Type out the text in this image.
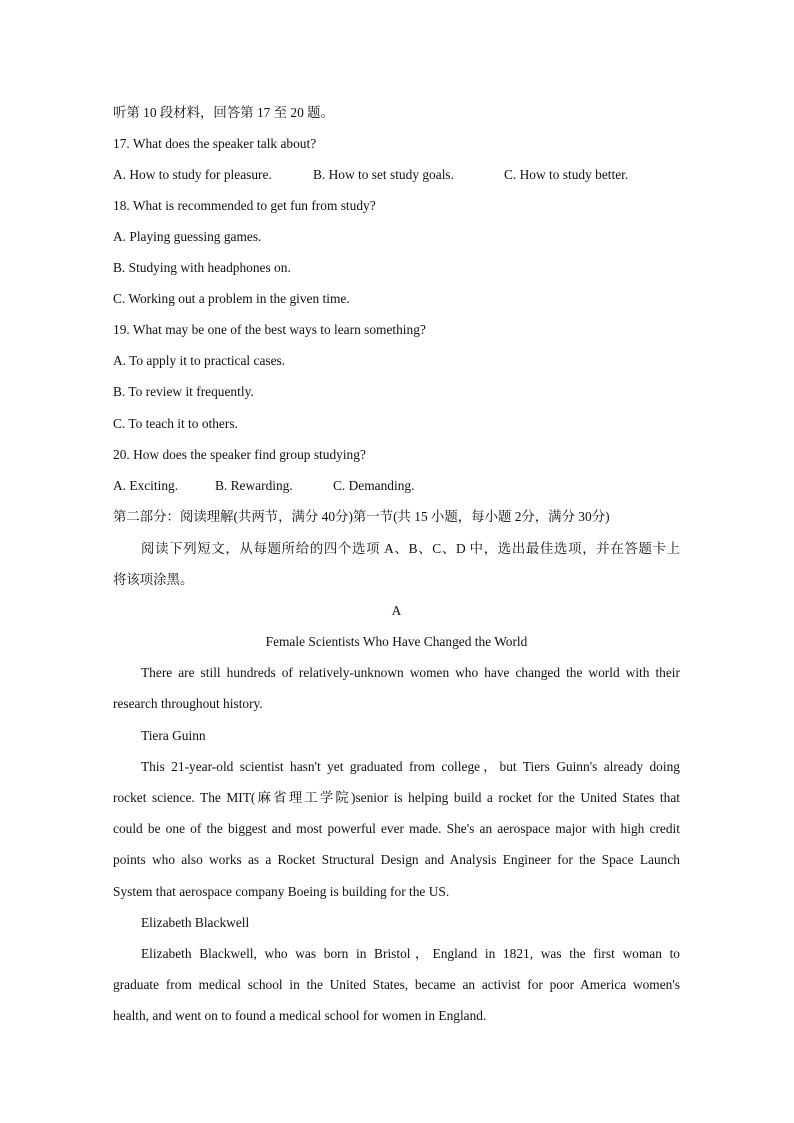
听第 10 段材料，回答第 17 至 20 题。
17. What does the speaker talk about?
A. How to study for pleasure.	B. How to set study goals.	C. How to study better.
18. What is recommended to get fun from study?
A. Playing guessing games.
B. Studying with headphones on.
C. Working out a problem in the given time.
19. What may be one of the best ways to learn something?
A. To apply it to practical cases.
B. To review it frequently.
C. To teach it to others.
20. How does the speaker find group studying?
A. Exciting.	B. Rewarding.	C. Demanding.
第二部分：阅读理解(共两节，满分 40分)第一节(共 15 小题，每小题 2分，满分 30分)
阅读下列短文，从每题所给的四个选项 A、B、C、D 中，选出最佳选项，并在答题卡上
将该项涂黑。
A
Female Scientists Who Have Changed the World
There are still hundreds of relatively-unknown women who have changed the world with their
research throughout history.
Tiera Guinn
This 21-year-old scientist hasn't yet graduated from college，but Tiers Guinn's already doing
rocket science. The MIT(麻省理工学院)senior is helping build a rocket for the United States that
could be one of the biggest and most powerful ever made. She's an aerospace major with high credit
points who also works as a Rocket Structural Design and Analysis Engineer for the Space Launch
System that aerospace company Boeing is building for the US.
Elizabeth Blackwell
Elizabeth Blackwell, who was born in Bristol，England in 1821, was the first woman to
graduate from medical school in the United States, became an activist for poor America women's
health, and went on to found a medical school for women in England.
